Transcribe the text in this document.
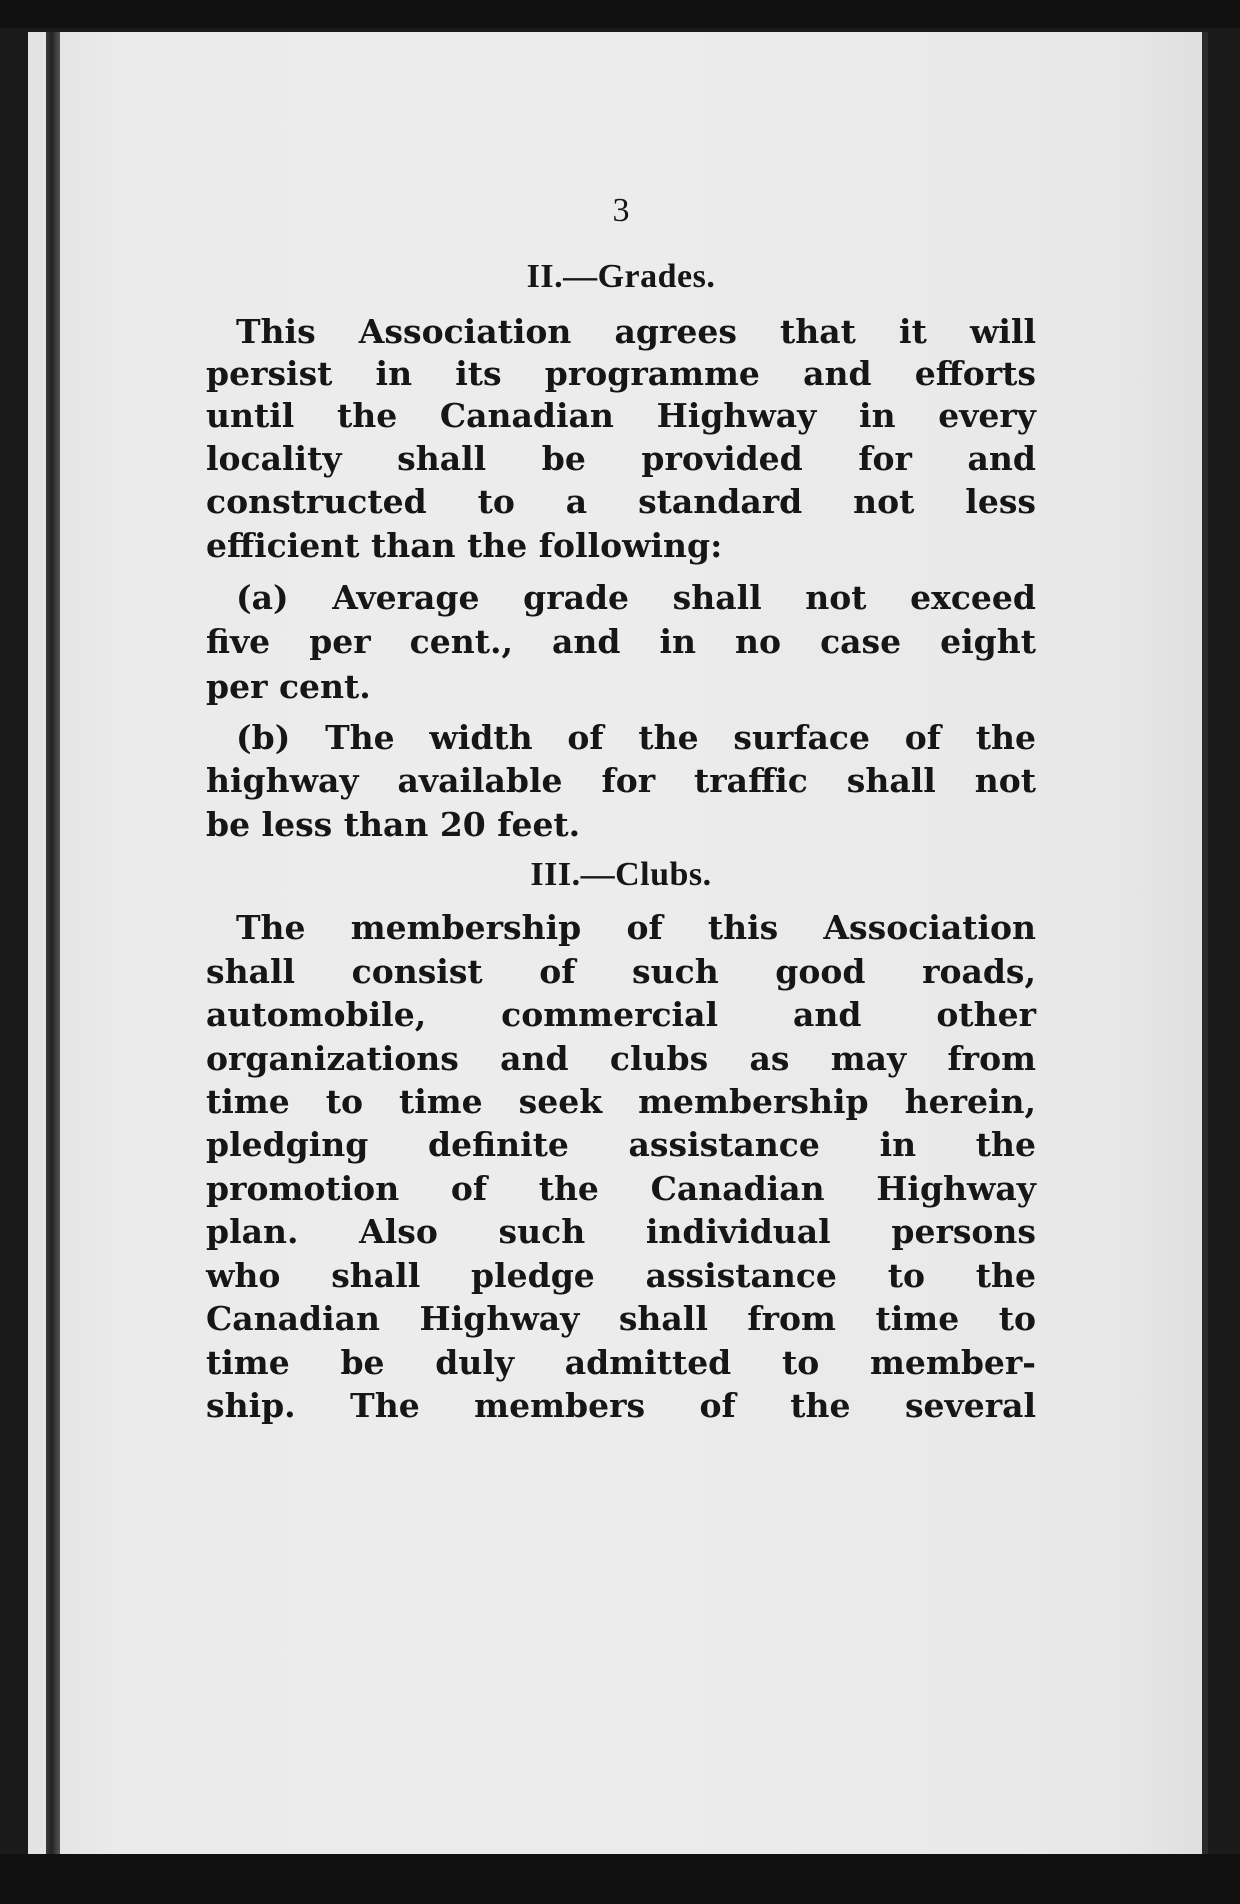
3
II.—Grades.
This Association agrees that it will
persist in its programme and efforts
until the Canadian Highway in every
locality shall be provided for and
constructed to a standard not less
efficient than the following:
(a) Average grade shall not exceed
five per cent., and in no case eight
per cent.
(b) The width of the surface of the
highway available for traffic shall not
be less than 20 feet.
III.—Clubs.
The membership of this Association
shall consist of such good roads,
automobile, commercial and other
organizations and clubs as may from
time to time seek membership herein,
pledging definite assistance in the
promotion of the Canadian Highway
plan. Also such individual persons
who shall pledge assistance to the
Canadian Highway shall from time to
time be duly admitted to member-
ship. The members of the several
